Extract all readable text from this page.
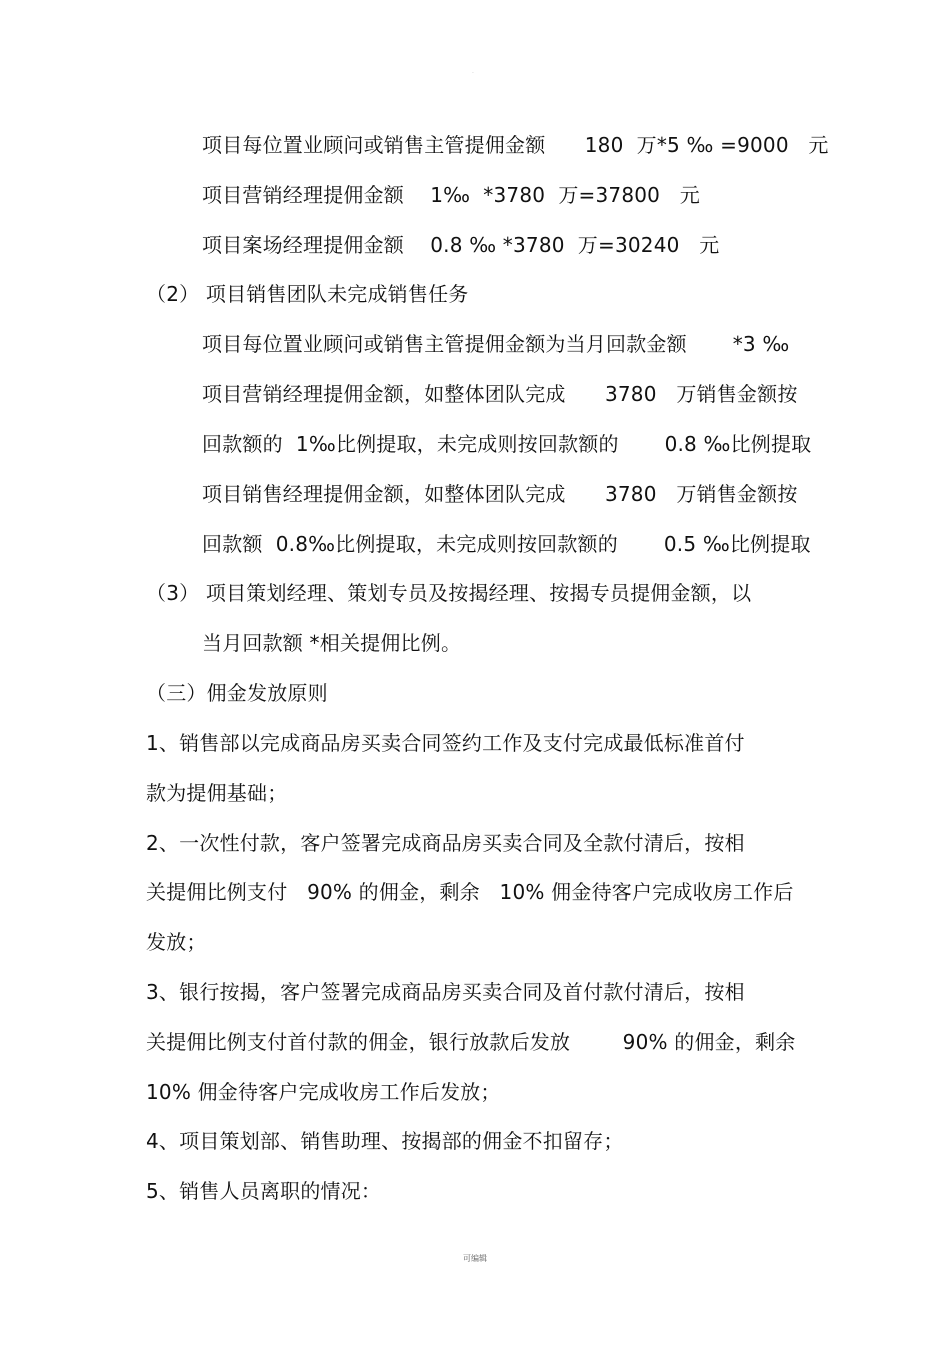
·
项目每位置业顾问或销售主管提佣金额      180  万*5 ‰ =9000   元
项目营销经理提佣金额    1‰  *3780  万=37800   元
项目案场经理提佣金额    0.8 ‰ *3780  万=30240   元
（2） 项目销售团队未完成销售任务
项目每位置业顾问或销售主管提佣金额为当月回款金额       *3 ‰
项目营销经理提佣金额，如整体团队完成      3780   万销售金额按
回款额的  1‰比例提取，未完成则按回款额的       0.8 ‰比例提取
项目销售经理提佣金额，如整体团队完成      3780   万销售金额按
回款额  0.8‰比例提取，未完成则按回款额的       0.5 ‰比例提取
（3） 项目策划经理、策划专员及按揭经理、按揭专员提佣金额，以
当月回款额 *相关提佣比例。
（三）佣金发放原则
1、销售部以完成商品房买卖合同签约工作及支付完成最低标准首付
款为提佣基础；
2、一次性付款，客户签署完成商品房买卖合同及全款付清后，按相
关提佣比例支付   90% 的佣金，剩余   10% 佣金待客户完成收房工作后
发放；
3、银行按揭，客户签署完成商品房买卖合同及首付款付清后，按相
关提佣比例支付首付款的佣金，银行放款后发放        90% 的佣金，剩余
10% 佣金待客户完成收房工作后发放；
4、项目策划部、销售助理、按揭部的佣金不扣留存；
5、销售人员离职的情况：
可编辑
